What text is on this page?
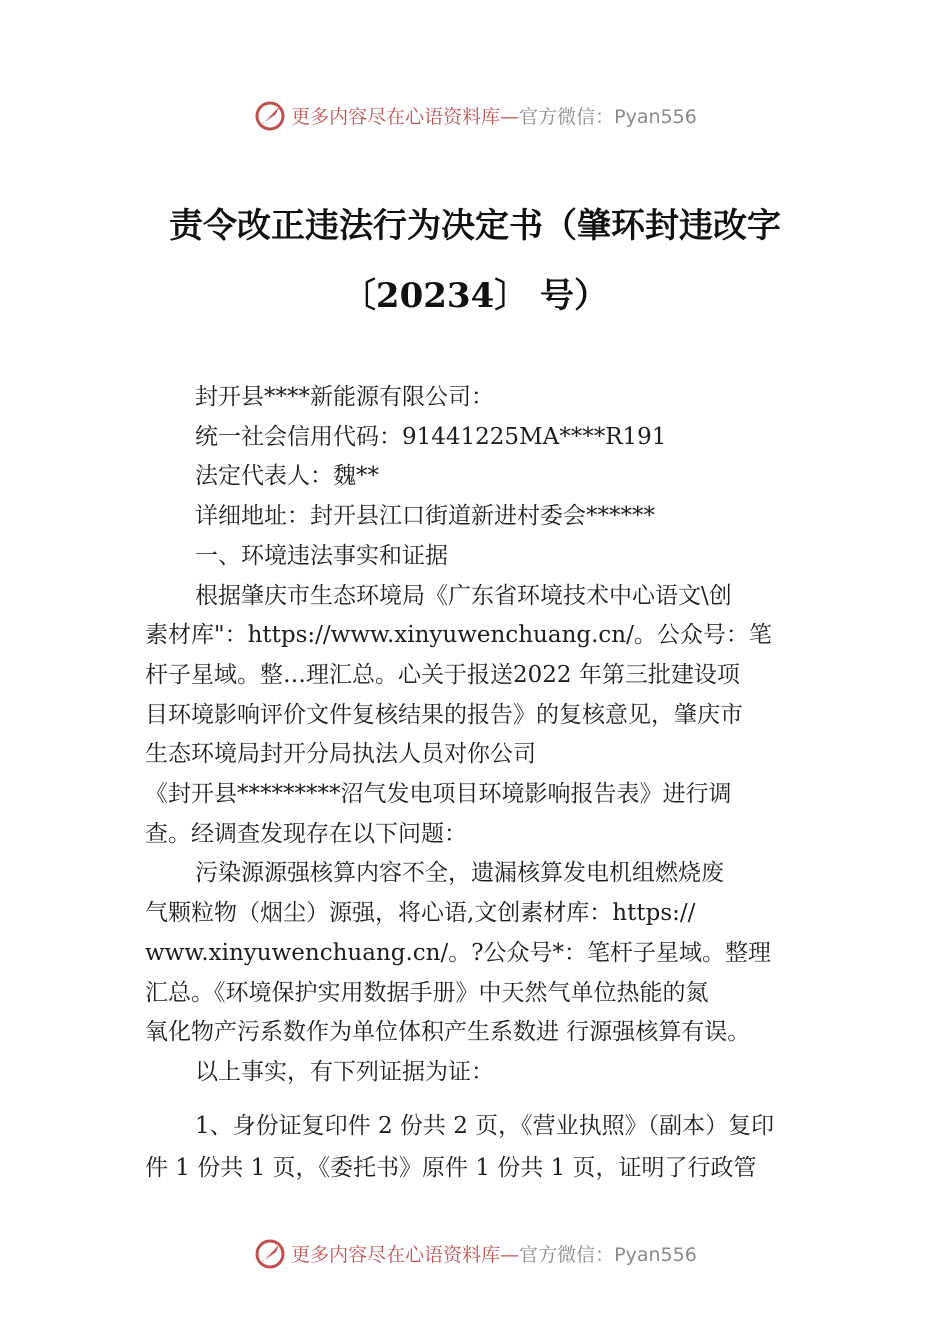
更多内容尽在心语资料库— 官方微信：Pyan556
责令改正违法行为决定书（肇环封违改字
〔20234〕 号）

封开县****新能源有限公司：

统一社会信用代码：91441225MA****R191

法定代表人：魏**

详细地址：封开县江口街道新进村委会******

一、环境违法事实和证据

根据肇庆市生态环境局《广东省环境技术中心语文\创

素材库"：https://www.xinyuwenchuang.cn/。公众号：笔

杆子星域。整…理汇总。心关于报送2022 年第三批建设项

目环境影响评价文件复核结果的报告》的复核意见，肇庆市

生态环境局封开分局执法人员对你公司

《封开县*********沼气发电项目环境影响报告表》进行调

查。经调查发现存在以下问题：

污染源源强核算内容不全，遗漏核算发电机组燃烧废

气颗粒物（烟尘）源强，将心语,文创素材库：https://

www.xinyuwenchuang.cn/。?公众号*：笔杆子星域。整理

汇总。《环境保护实用数据手册》中天然气单位热能的氮

氧化物产污系数作为单位体积产生系数进 行源强核算有误。

以上事实，有下列证据为证：

1、身份证复印件 2 份共 2 页，《营业执照》（副本）复印

件 1 份共 1 页，《委托书》原件 1 份共 1 页，证明了行政管

更多内容尽在心语资料库— 官方微信：Pyan556
